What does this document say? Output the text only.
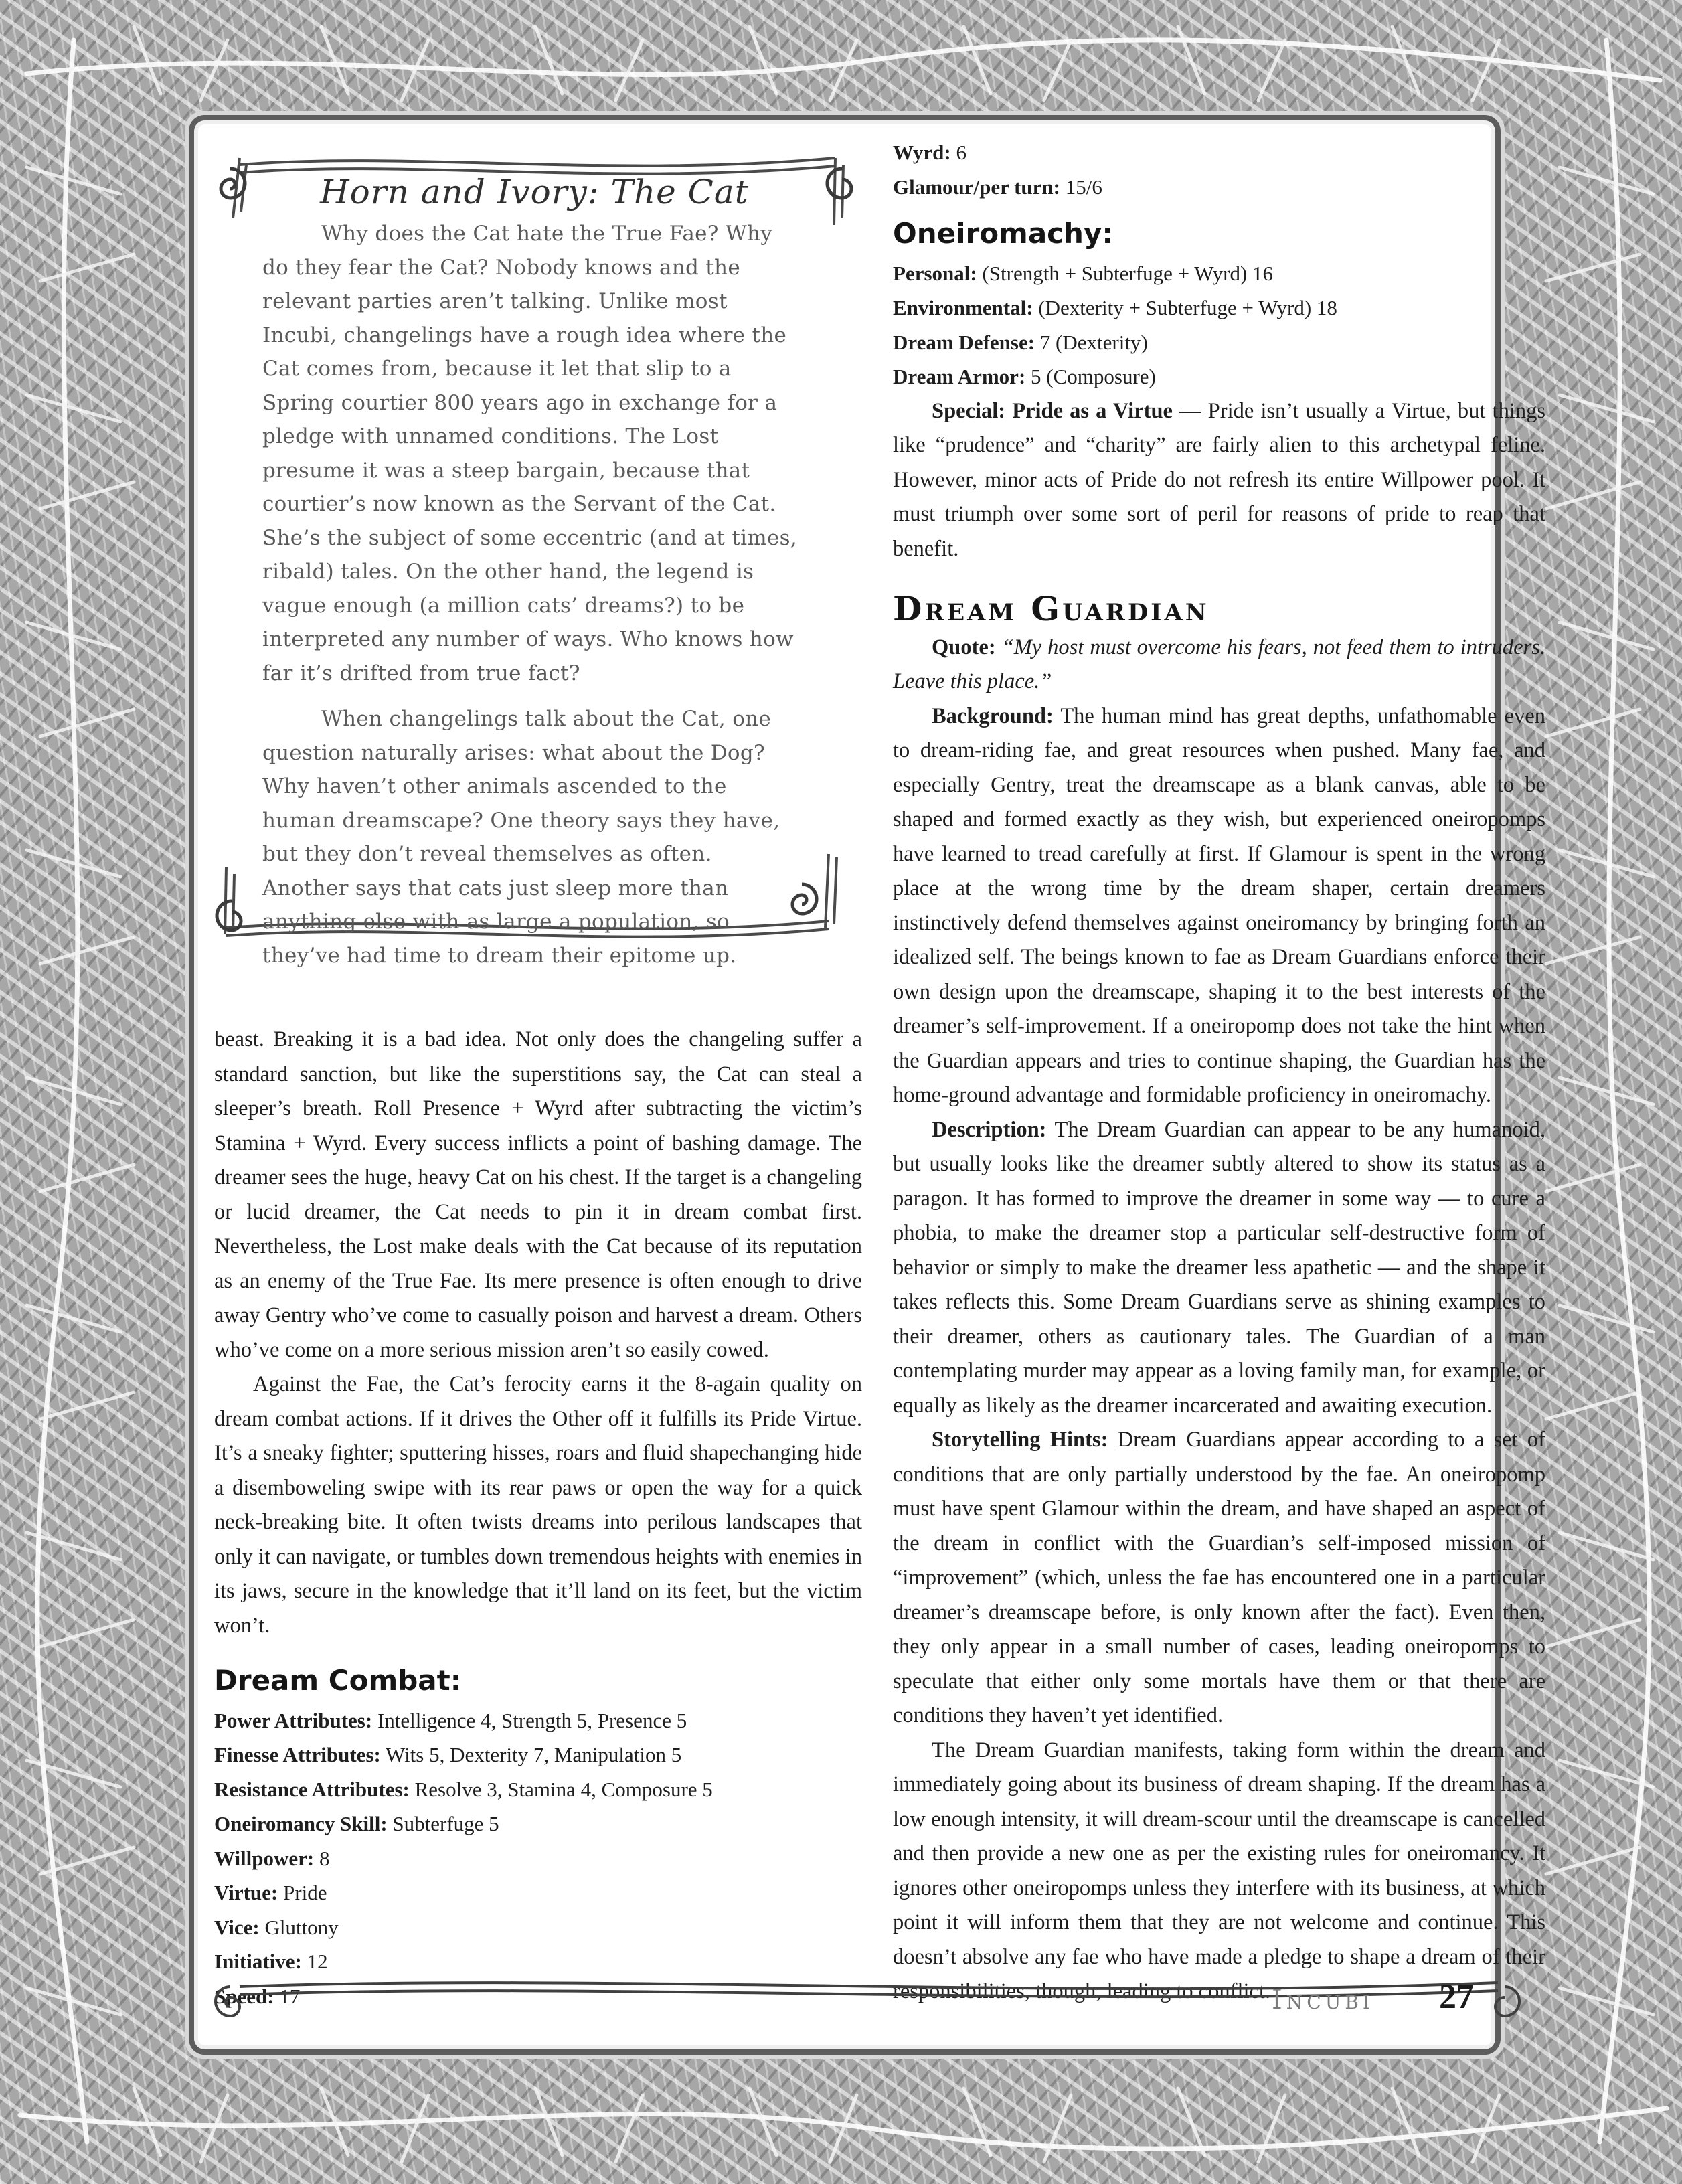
Horn and Ivory: The Cat

Why does the Cat hate the True Fae? Why do they fear the Cat? Nobody knows and the relevant parties aren’t talking. Unlike most Incubi, changelings have a rough idea where the Cat comes from, because it let that slip to a Spring courtier 800 years ago in exchange for a pledge with unnamed conditions. The Lost presume it was a steep bargain, because that courtier’s now known as the Servant of the Cat. She’s the subject of some eccentric (and at times, ribald) tales. On the other hand, the legend is vague enough (a million cats’ dreams?) to be interpreted any number of ways. Who knows how far it’s drifted from true fact?

When changelings talk about the Cat, one question naturally arises: what about the Dog? Why haven’t other animals ascended to the human dreamscape? One theory says they have, but they don’t reveal themselves as often. Another says that cats just sleep more than anything else with as large a population, so they’ve had time to dream their epitome up.

beast. Breaking it is a bad idea. Not only does the changeling suffer a standard sanction, but like the superstitions say, the Cat can steal a sleeper’s breath. Roll Presence + Wyrd after subtracting the victim’s Stamina + Wyrd. Every success inflicts a point of bashing damage. The dreamer sees the huge, heavy Cat on his chest. If the target is a changeling or lucid dreamer, the Cat needs to pin it in dream combat first. Nevertheless, the Lost make deals with the Cat because of its reputation as an enemy of the True Fae. Its mere presence is often enough to drive away Gentry who’ve come to casually poison and harvest a dream. Others who’ve come on a more serious mission aren’t so easily cowed.

Against the Fae, the Cat’s ferocity earns it the 8-again quality on dream combat actions. If it drives the Other off it fulfills its Pride Virtue. It’s a sneaky fighter; sputtering hisses, roars and fluid shapechanging hide a disemboweling swipe with its rear paws or open the way for a quick neck-breaking bite. It often twists dreams into perilous landscapes that only it can navigate, or tumbles down tremendous heights with enemies in its jaws, secure in the knowledge that it’ll land on its feet, but the victim won’t.

Dream Combat:

Power Attributes: Intelligence 4, Strength 5, Presence 5

Finesse Attributes: Wits 5, Dexterity 7, Manipulation 5

Resistance Attributes: Resolve 3, Stamina 4, Composure 5

Oneiromancy Skill: Subterfuge 5

Willpower: 8

Virtue: Pride

Vice: Gluttony

Initiative: 12

Speed: 17

Wyrd: 6

Glamour/per turn: 15/6

Oneiromachy:

Personal: (Strength + Subterfuge + Wyrd) 16

Environmental: (Dexterity + Subterfuge + Wyrd) 18

Dream Defense: 7 (Dexterity)

Dream Armor: 5 (Composure)

Special: Pride as a Virtue — Pride isn’t usually a Virtue, but things like “prudence” and “charity” are fairly alien to this archetypal feline. However, minor acts of Pride do not refresh its entire Willpower pool. It must triumph over some sort of peril for reasons of pride to reap that benefit.

Dream Guardian

Quote: “My host must overcome his fears, not feed them to intruders. Leave this place.”

Background: The human mind has great depths, unfathomable even to dream-riding fae, and great resources when pushed. Many fae, and especially Gentry, treat the dreamscape as a blank canvas, able to be shaped and formed exactly as they wish, but experienced oneiropomps have learned to tread carefully at first. If Glamour is spent in the wrong place at the wrong time by the dream shaper, certain dreamers instinctively defend themselves against oneiromancy by bringing forth an idealized self. The beings known to fae as Dream Guardians enforce their own design upon the dreamscape, shaping it to the best interests of the dreamer’s self-improvement. If a oneiropomp does not take the hint when the Guardian appears and tries to continue shaping, the Guardian has the home-ground advantage and formidable proficiency in oneiromachy.

Description: The Dream Guardian can appear to be any humanoid, but usually looks like the dreamer subtly altered to show its status as a paragon. It has formed to improve the dreamer in some way — to cure a phobia, to make the dreamer stop a particular self-destructive form of behavior or simply to make the dreamer less apathetic — and the shape it takes reflects this. Some Dream Guardians serve as shining examples to their dreamer, others as cautionary tales. The Guardian of a man contemplating murder may appear as a loving family man, for example, or equally as likely as the dreamer incarcerated and awaiting execution.

Storytelling Hints: Dream Guardians appear according to a set of conditions that are only partially understood by the fae. An oneiropomp must have spent Glamour within the dream, and have shaped an aspect of the dream in conflict with the Guardian’s self-imposed mission of “improvement” (which, unless the fae has encountered one in a particular dreamer’s dreamscape before, is only known after the fact). Even then, they only appear in a small number of cases, leading oneiropomps to speculate that either only some mortals have them or that there are conditions they haven’t yet identified.

The Dream Guardian manifests, taking form within the dream and immediately going about its business of dream shaping. If the dream has a low enough intensity, it will dream-scour until the dreamscape is cancelled and then provide a new one as per the existing rules for oneiromancy. It ignores other oneiropomps unless they interfere with its business, at which point it will inform them that they are not welcome and continue. This doesn’t absolve any fae who have made a pledge to shape a dream of their responsibilities, though, leading to conflict. Incubi 27
